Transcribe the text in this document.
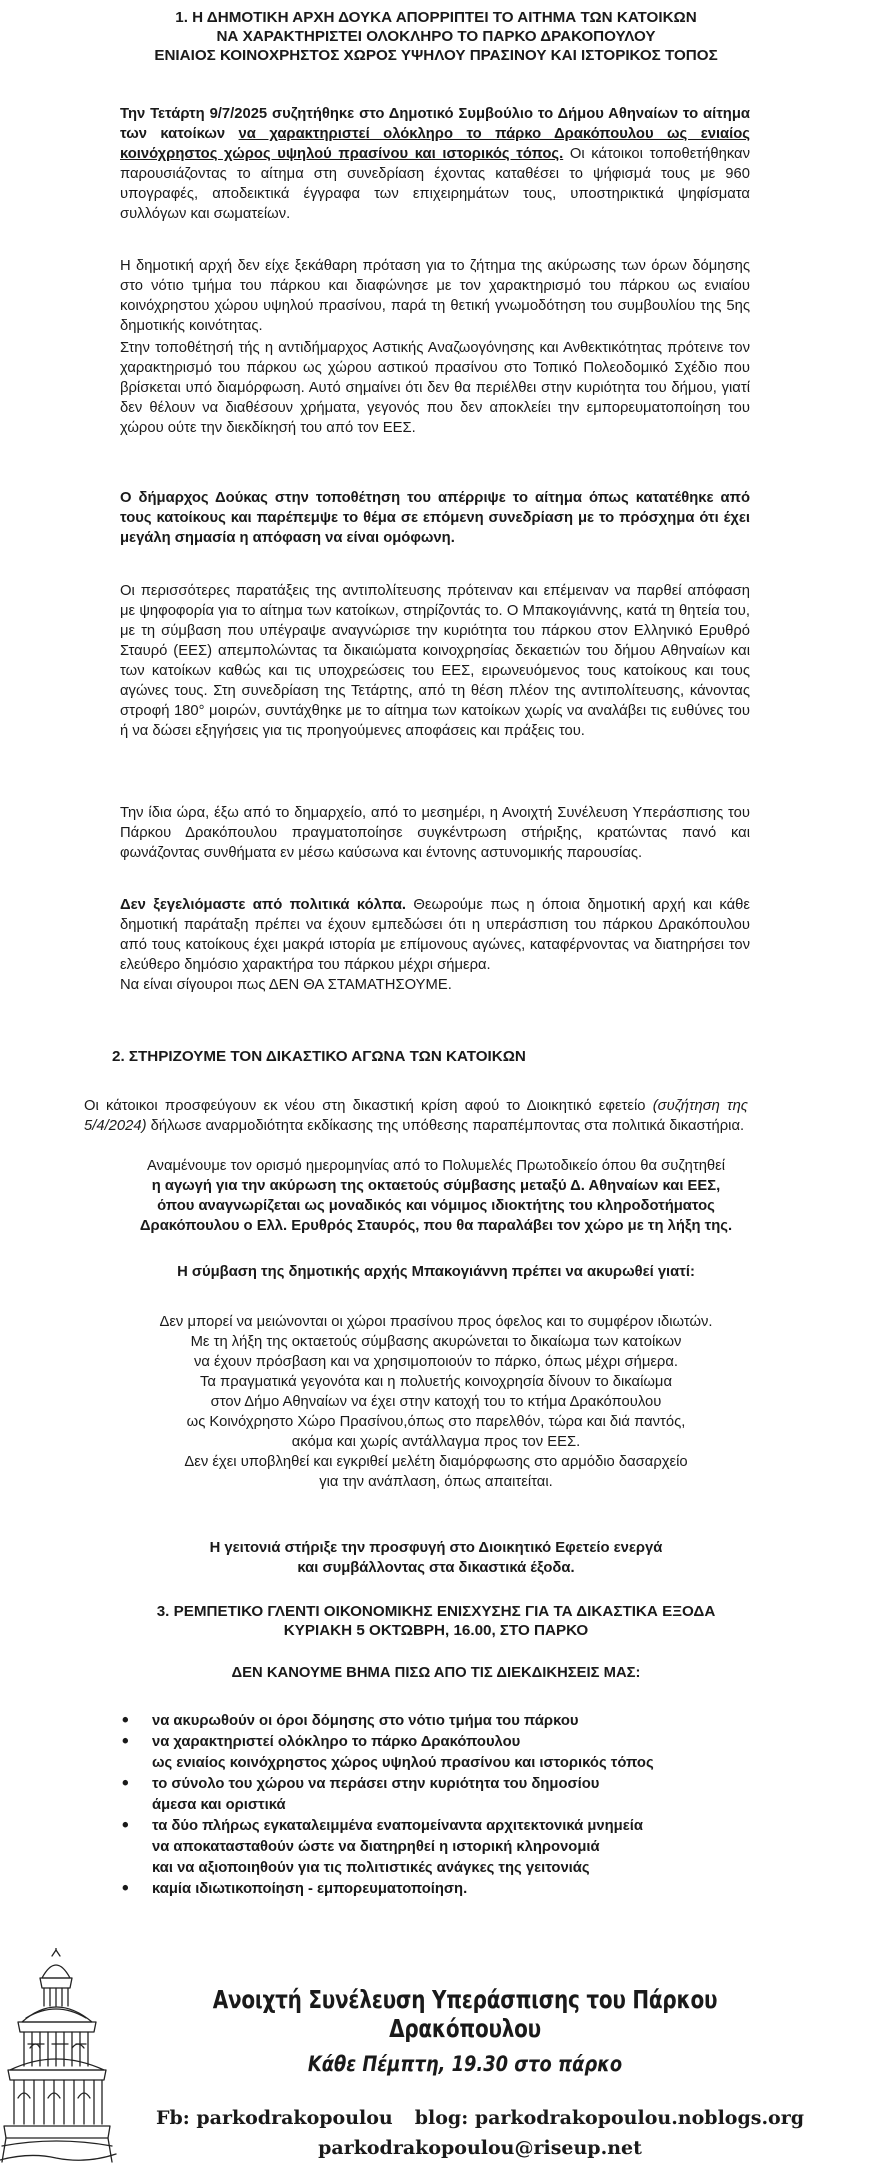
1. Η ΔΗΜΟΤΙΚΗ ΑΡΧΗ ΔΟΥΚΑ ΑΠΟΡΡΙΠΤΕΙ ΤΟ ΑΙΤΗΜΑ ΤΩΝ ΚΑΤΟΙΚΩΝ
ΝΑ ΧΑΡΑΚΤΗΡΙΣΤΕΙ ΟΛΟΚΛΗΡΟ ΤΟ ΠΑΡΚΟ ΔΡΑΚΟΠΟΥΛΟΥ
ΕΝΙΑΙΟΣ ΚΟΙΝΟΧΡΗΣΤΟΣ ΧΩΡΟΣ ΥΨΗΛΟΥ ΠΡΑΣΙΝΟΥ ΚΑΙ ΙΣΤΟΡΙΚΟΣ ΤΟΠΟΣ
Την Τετάρτη 9/7/2025 συζητήθηκε στο Δημοτικό Συμβούλιο το Δήμου Αθηναίων το αίτημα των κατοίκων να χαρακτηριστεί ολόκληρο το πάρκο Δρακόπουλου ως ενιαίος κοινόχρηστος χώρος υψηλού πρασίνου και ιστορικός τόπος. Οι κάτοικοι τοποθετήθηκαν παρουσιάζοντας το αίτημα στη συνεδρίαση έχοντας καταθέσει το ψήφισμά τους με 960 υπογραφές, αποδεικτικά έγγραφα των επιχειρημάτων τους, υποστηρικτικά ψηφίσματα συλλόγων και σωματείων.
Η δημοτική αρχή δεν είχε ξεκάθαρη πρόταση για το ζήτημα της ακύρωσης των όρων δόμησης στο νότιο τμήμα του πάρκου και διαφώνησε με τον χαρακτηρισμό του πάρκου ως ενιαίου κοινόχρηστου χώρου υψηλού πρασίνου, παρά τη θετική γνωμοδότηση του συμβουλίου της 5ης δημοτικής κοινότητας.
Στην τοποθέτησή τής η αντιδήμαρχος Αστικής Αναζωογόνησης και Ανθεκτικότητας πρότεινε τον χαρακτηρισμό του πάρκου ως χώρου αστικού πρασίνου στο Τοπικό Πολεοδομικό Σχέδιο που βρίσκεται υπό διαμόρφωση. Αυτό σημαίνει ότι δεν θα περιέλθει στην κυριότητα του δήμου, γιατί δεν θέλουν να διαθέσουν χρήματα, γεγονός που δεν αποκλείει την εμπορευματοποίηση του χώρου ούτε την διεκδίκησή του από τον ΕΕΣ.
Ο δήμαρχος Δούκας στην τοποθέτηση του απέρριψε το αίτημα όπως κατατέθηκε από τους κατοίκους και παρέπεμψε το θέμα σε επόμενη συνεδρίαση με το πρόσχημα ότι έχει μεγάλη σημασία η απόφαση να είναι ομόφωνη.
Οι περισσότερες παρατάξεις της αντιπολίτευσης πρότειναν και επέμειναν να παρθεί απόφαση με ψηφοφορία για το αίτημα των κατοίκων, στηρίζοντάς το. Ο Μπακογιάννης, κατά τη θητεία του, με τη σύμβαση που υπέγραψε αναγνώρισε την κυριότητα του πάρκου στον Ελληνικό Ερυθρό Σταυρό (ΕΕΣ) απεμπολώντας τα δικαιώματα κοινοχρησίας δεκαετιών του δήμου Αθηναίων και των κατοίκων καθώς και τις υποχρεώσεις του ΕΕΣ, ειρωνευόμενος τους κατοίκους και τους αγώνες τους. Στη συνεδρίαση της Τετάρτης, από τη θέση πλέον της αντιπολίτευσης, κάνοντας στροφή 180° μοιρών, συντάχθηκε με το αίτημα των κατοίκων χωρίς να αναλάβει τις ευθύνες του ή να δώσει εξηγήσεις για τις προηγούμενες αποφάσεις και πράξεις του.
Την ίδια ώρα, έξω από το δημαρχείο, από το μεσημέρι, η Ανοιχτή Συνέλευση Υπεράσπισης του Πάρκου Δρακόπουλου πραγματοποίησε συγκέντρωση στήριξης, κρατώντας πανό και φωνάζοντας συνθήματα εν μέσω καύσωνα και έντονης αστυνομικής παρουσίας.
Δεν ξεγελιόμαστε από πολιτικά κόλπα. Θεωρούμε πως η όποια δημοτική αρχή και κάθε δημοτική παράταξη πρέπει να έχουν εμπεδώσει ότι η υπεράσπιση του πάρκου Δρακόπουλου από τους κατοίκους έχει μακρά ιστορία με επίμονους αγώνες, καταφέρνοντας να διατηρήσει τον ελεύθερο δημόσιο χαρακτήρα του πάρκου μέχρι σήμερα.
Να είναι σίγουροι πως ΔΕΝ ΘΑ ΣΤΑΜΑΤΗΣΟΥΜΕ.
2. ΣΤΗΡΙΖΟΥΜΕ ΤΟΝ ΔΙΚΑΣΤΙΚΟ ΑΓΩΝΑ ΤΩΝ ΚΑΤΟΙΚΩΝ
Οι κάτοικοι προσφεύγουν εκ νέου στη δικαστική κρίση αφού το Διοικητικό εφετείο (συζήτηση της 5/4/2024) δήλωσε αναρμοδιότητα εκδίκασης της υπόθεσης παραπέμποντας στα πολιτικά δικαστήρια.

Αναμένουμε τον ορισμό ημερομηνίας από το Πολυμελές Πρωτοδικείο όπου θα συζητηθεί

η αγωγή για την ακύρωση της οκταετούς σύμβασης μεταξύ Δ. Αθηναίων και ΕΕΣ,

όπου αναγνωρίζεται ως μοναδικός και νόμιμος ιδιοκτήτης του κληροδοτήματος

Δρακόπουλου ο Ελλ. Ερυθρός Σταυρός, που θα παραλάβει τον χώρο με τη λήξη της.

Η σύμβαση της δημοτικής αρχής Μπακογιάννη πρέπει να ακυρωθεί γιατί:

Δεν μπορεί να μειώνονται οι χώροι πρασίνου προς όφελος και το συμφέρον ιδιωτών.

Με τη λήξη της οκταετούς σύμβασης ακυρώνεται το δικαίωμα των κατοίκων

να έχουν πρόσβαση και να χρησιμοποιούν το πάρκο, όπως μέχρι σήμερα.

Τα πραγματικά γεγονότα και η πολυετής κοινοχρησία δίνουν το δικαίωμα

στον Δήμο Αθηναίων να έχει στην κατοχή του το κτήμα Δρακόπουλου

ως Κοινόχρηστο Χώρο Πρασίνου,όπως στο παρελθόν, τώρα και διά παντός,

ακόμα και χωρίς αντάλλαγμα προς τον ΕΕΣ.

Δεν έχει υποβληθεί και εγκριθεί μελέτη διαμόρφωσης στο αρμόδιο δασαρχείο

για την ανάπλαση, όπως απαιτείται.

Η γειτονιά στήριξε την προσφυγή στο Διοικητικό Εφετείο ενεργά

και συμβάλλοντας στα δικαστικά έξοδα.

3. ΡΕΜΠΕΤΙΚΟ ΓΛΕΝΤΙ ΟΙΚΟΝΟΜΙΚΗΣ ΕΝΙΣΧΥΣΗΣ ΓΙΑ ΤΑ ΔΙΚΑΣΤΙΚΑ ΕΞΟΔΑ
ΚΥΡΙΑΚΗ 5 ΟΚΤΩΒΡΗ, 16.00, ΣΤΟ ΠΑΡΚΟ
ΔΕΝ ΚΑΝΟΥΜΕ ΒΗΜΑ ΠΙΣΩ ΑΠΟ ΤΙΣ ΔΙΕΚΔΙΚΗΣΕΙΣ ΜΑΣ:
• να ακυρωθούν οι όροι δόμησης στο νότιο τμήμα του πάρκου
• να χαρακτηριστεί ολόκληρο το πάρκο Δρακόπουλου
ως ενιαίος κοινόχρηστος χώρος υψηλού πρασίνου και ιστορικός τόπος
• το σύνολο του χώρου να περάσει στην κυριότητα του δημοσίου
άμεσα και οριστικά
• τα δύο πλήρως εγκαταλειμμένα εναπομείναντα αρχιτεκτονικά μνημεία
να αποκατασταθούν ώστε να διατηρηθεί η ιστορική κληρονομιά
και να αξιοποιηθούν για τις πολιτιστικές ανάγκες της γειτονιάς
• καμία ιδιωτικοποίηση - εμπορευματοποίηση.
Ανοιχτή Συνέλευση Υπεράσπισης του Πάρκου Δρακόπουλου
Κάθε Πέμπτη, 19.30 στο πάρκο
Fb: parkodrakopoulou blog: parkodrakopoulou.noblogs.org
parkodrakopoulou@riseup.net
